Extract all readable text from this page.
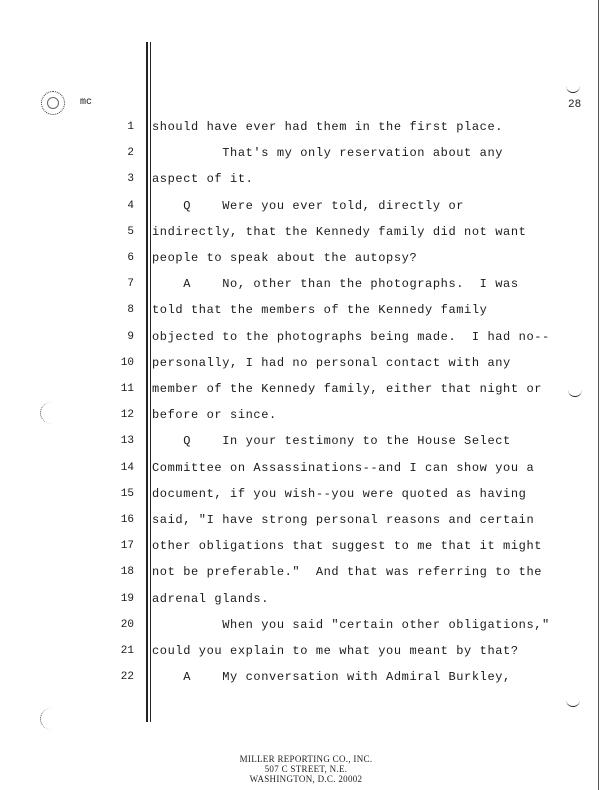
mc	28
1 should have ever had them in the first place.
2 That's my only reservation about any
3 aspect of it.
4 Q    Were you ever told, directly or
5 indirectly, that the Kennedy family did not want
6 people to speak about the autopsy?
7 A    No, other than the photographs.  I was
8 told that the members of the Kennedy family
9 objected to the photographs being made.  I had no--
10 personally, I had no personal contact with any
11 member of the Kennedy family, either that night or
12 before or since.
13 Q    In your testimony to the House Select
14 Committee on Assassinations--and I can show you a
15 document, if you wish--you were quoted as having
16 said, "I have strong personal reasons and certain
17 other obligations that suggest to me that it might
18 not be preferable."  And that was referring to the
19 adrenal glands.
20 When you said "certain other obligations,"
21 could you explain to me what you meant by that?
22 A    My conversation with Admiral Burkley,
MILLER REPORTING CO., INC.
507 C STREET, N.E.
WASHINGTON, D.C. 20002
